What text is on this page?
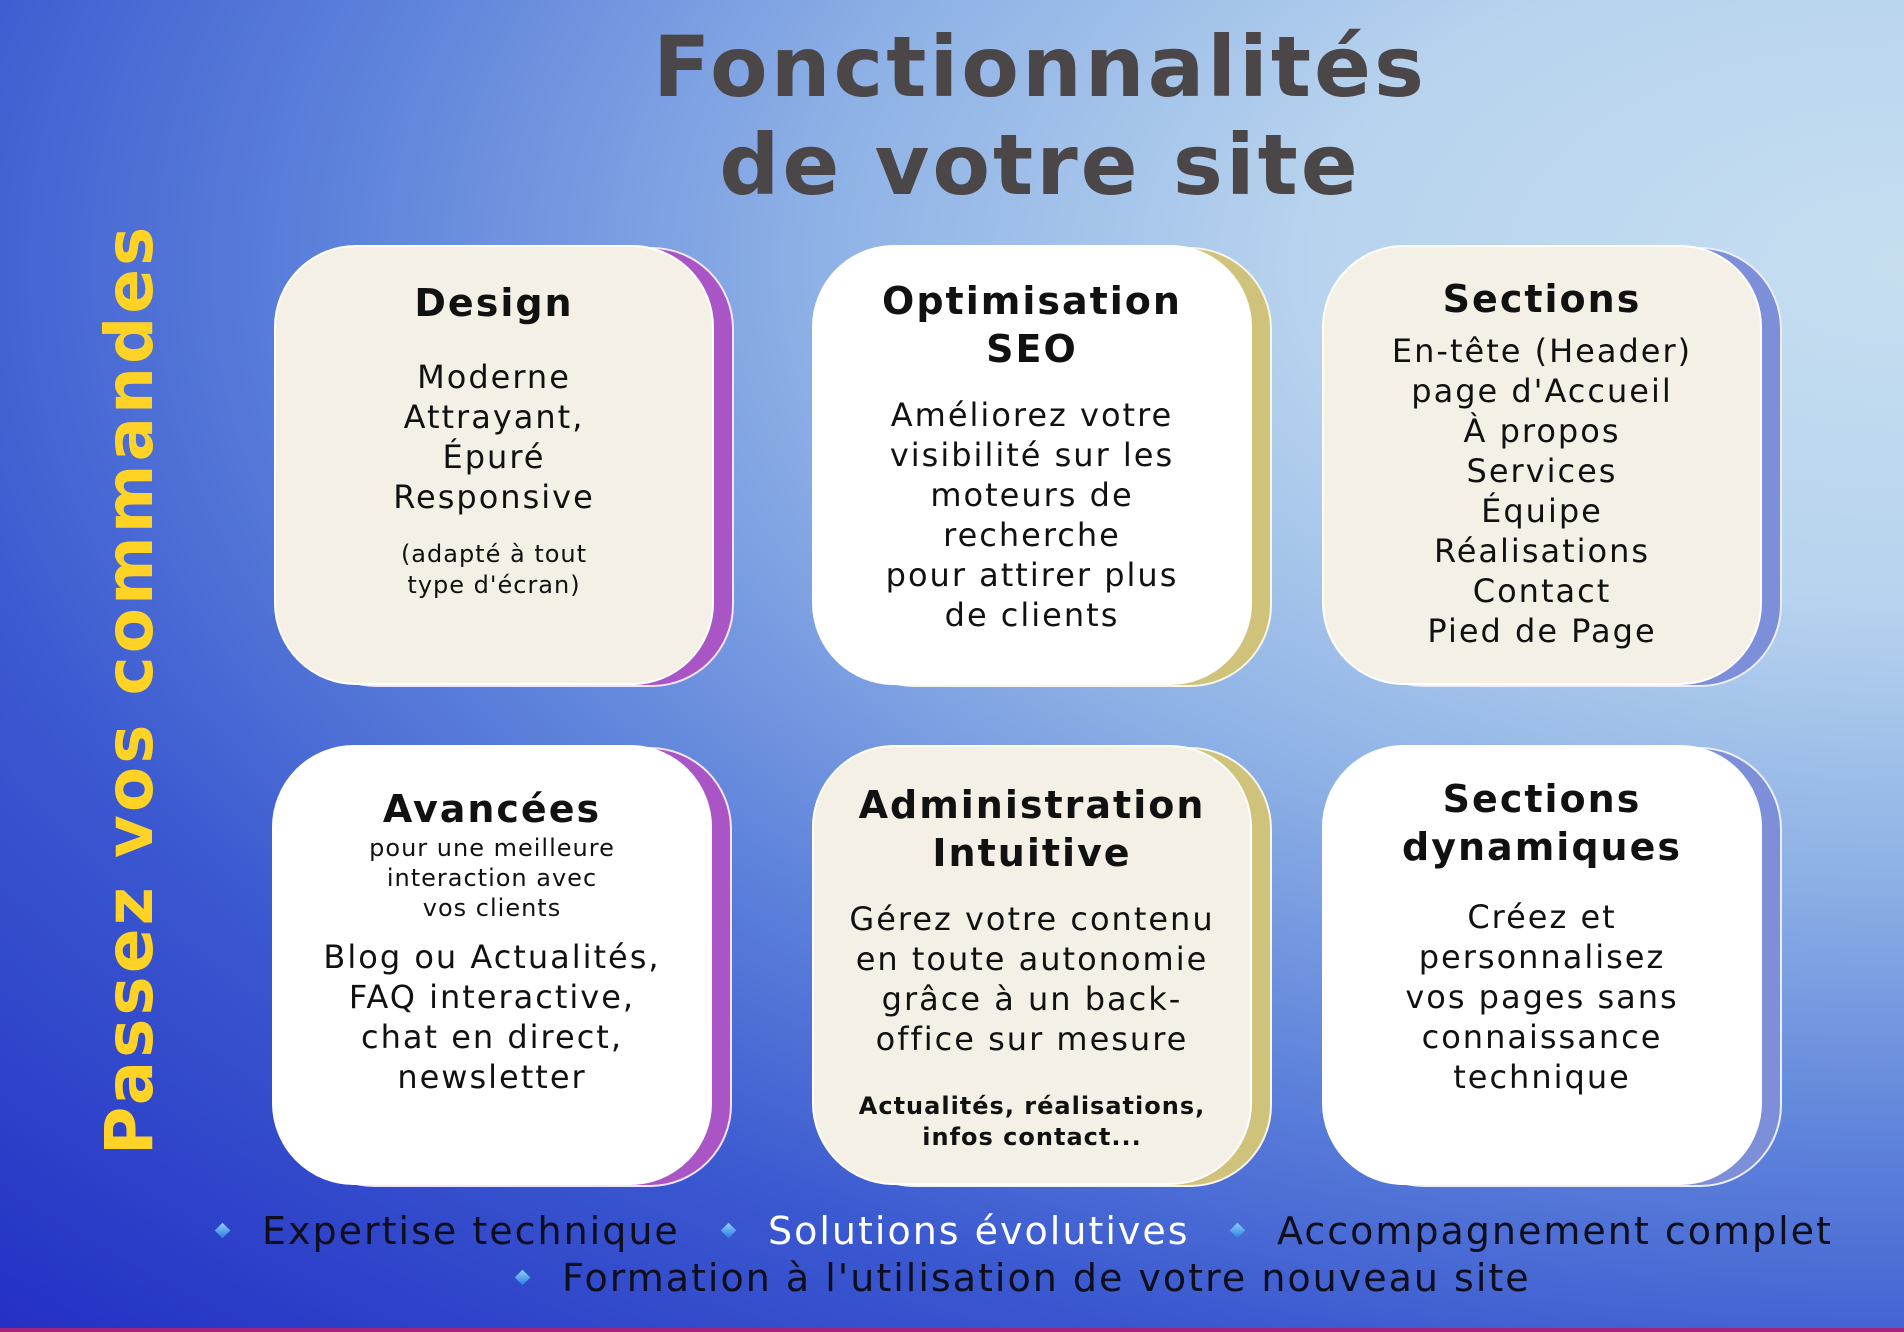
Fonctionnalités
de votre site
Passez vos commandes	Design
Moderne
Attrayant,
Épuré
Responsive
(adapté à tout
type d'écran)
Optimisation
SEO
Améliorez votre
visibilité sur les
moteurs de
recherche
pour attirer plus
de clients
Sections
En-tête (Header)
page d'Accueil
À propos
Services
Équipe
Réalisations
Contact
Pied de Page
Avancées
pour une meilleure
interaction avec
vos clients
Blog ou Actualités,
FAQ interactive,
chat en direct,
newsletter
Administration
Intuitive
Gérez votre contenu
en toute autonomie
grâce à un back-
office sur mesure
Actualités, réalisations,
infos contact...
Sections
dynamiques
Créez et
personnalisez
vos pages sans
connaissance
technique
Expertise technique Solutions évolutives Accompagnement complet
Formation à l'utilisation de votre nouveau site
